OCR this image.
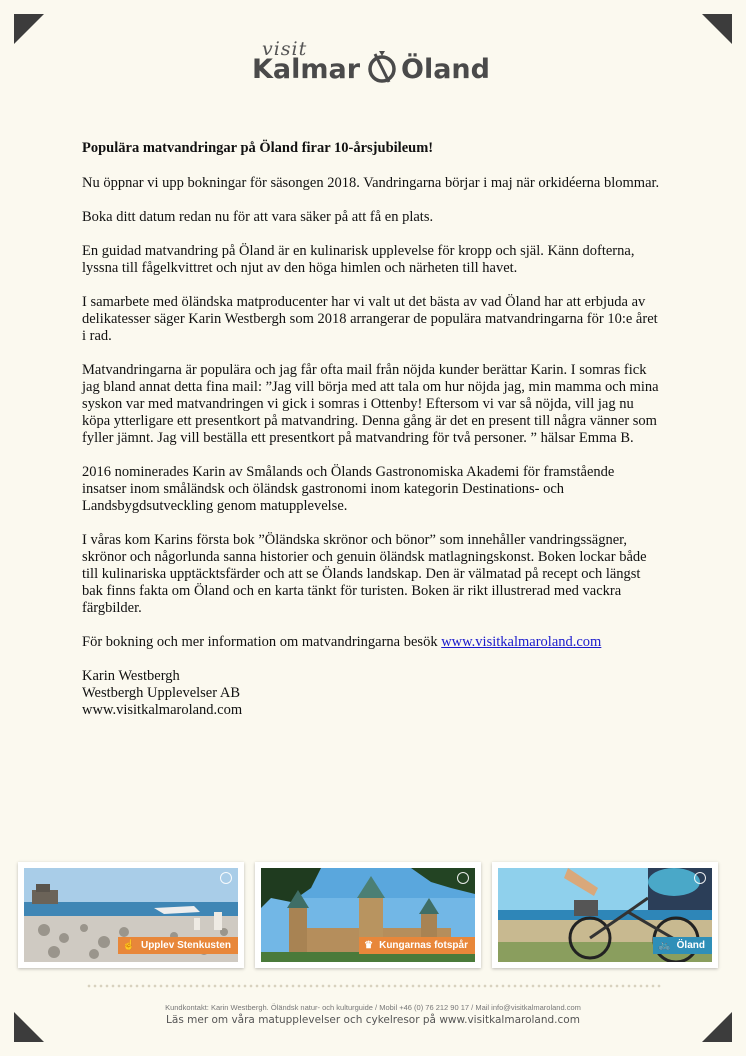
visit
Kalmar Öland
Populära matvandringar på Öland firar 10-årsjubileum!

Nu öppnar vi upp bokningar för säsongen 2018. Vandringarna börjar i maj när orkidéerna blommar.

Boka ditt datum redan nu för att vara säker på att få en plats.

En guidad matvandring på Öland är en kulinarisk upplevelse för kropp och själ. Känn dofterna, lyssna till fågelkvittret och njut av den höga himlen och närheten till havet.

I samarbete med öländska matproducenter har vi valt ut det bästa av vad Öland har att erbjuda av delikatesser säger Karin Westbergh som 2018 arrangerar de populära matvandringarna för 10:e året i rad.

Matvandringarna är populära och jag får ofta mail från nöjda kunder berättar Karin. I somras fick jag bland annat detta fina mail: ”Jag vill börja med att tala om hur nöjda jag, min mamma och mina syskon var med matvandringen vi gick i somras i Ottenby! Eftersom vi var så nöjda, vill jag nu köpa ytterligare ett presentkort på matvandring. Denna gång är det en present till några vänner som fyller jämnt. Jag vill beställa ett presentkort på matvandring för två personer. ” hälsar Emma B.

2016 nominerades Karin av Smålands och Ölands Gastronomiska Akademi för framstående insatser inom småländsk och öländsk gastronomi inom kategorin Destinations- och Landsbygdsutveckling genom matupplevelse.

I våras kom Karins första bok ”Öländska skrönor och bönor” som innehåller vandringssägner, skrönor och någorlunda sanna historier och genuin öländsk matlagningskonst. Boken lockar både till kulinariska upptäcktsfärder och att se Ölands landskap. Den är välmatad på recept och längst bak finns fakta om Öland och en karta tänkt för turisten. Boken är rikt illustrerad med vackra färgbilder.

För bokning och mer information om matvandringarna besök www.visitkalmaroland.com

Karin Westbergh

Westbergh Upplevelser AB

www.visitkalmaroland.com

☝ Upplev Stenkusten	♛ Kungarnas fotspår	🚲 Öland
Kundkontakt: Karin Westbergh. Öländsk natur- och kulturguide / Mobil +46 (0) 76 212 90 17 / Mail info@visitkalmaroland.com
Läs mer om våra matupplevelser och cykelresor på www.visitkalmaroland.com
